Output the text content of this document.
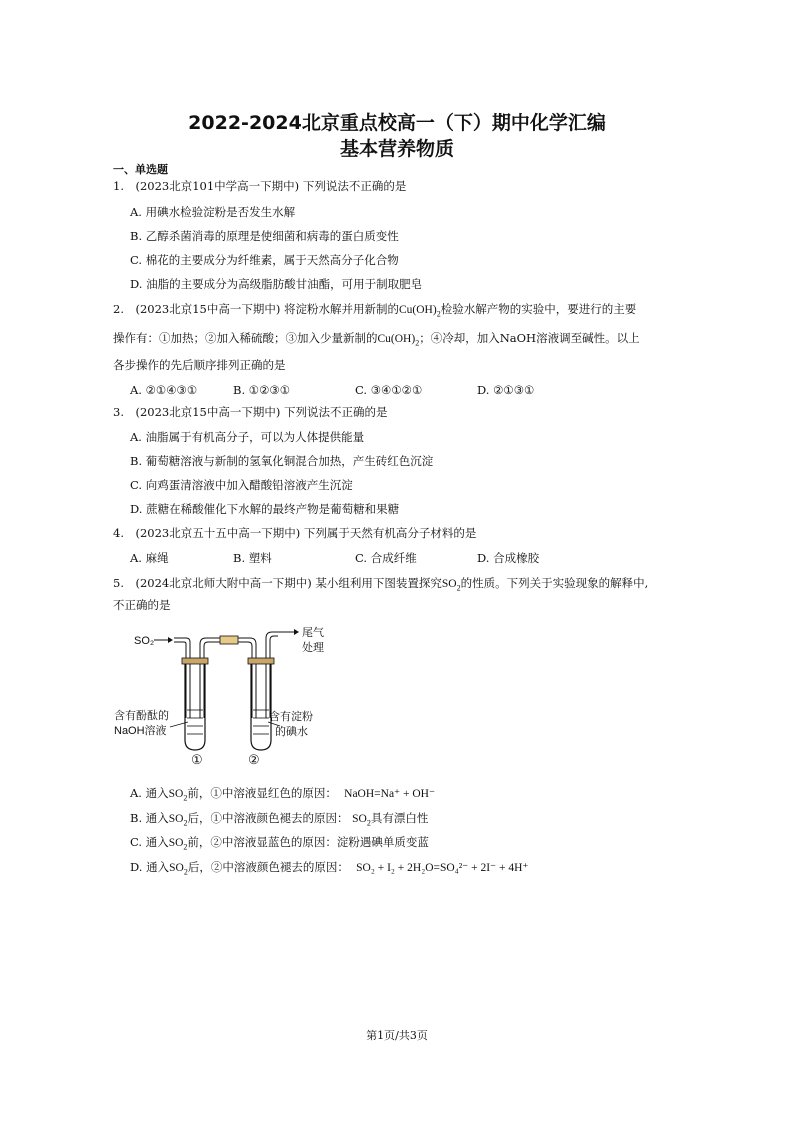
2022-2024北京重点校高一（下）期中化学汇编
基本营养物质
一、单选题
1.　(2023北京101中学高一下期中) 下列说法不正确的是
A. 用碘水检验淀粉是否发生水解
B. 乙醇杀菌消毒的原理是使细菌和病毒的蛋白质变性
C. 棉花的主要成分为纤维素，属于天然高分子化合物
D. 油脂的主要成分为高级脂肪酸甘油酯，可用于制取肥皂
2.　(2023北京15中高一下期中) 将淀粉水解并用新制的$Cu(OH)_2$检验水解产物的实验中，要进行的主要
操作有：①加热；②加入稀硫酸；③加入少量新制的$Cu(OH)_2$；④冷却，加入NaOH溶液调至碱性。以上
各步操作的先后顺序排列正确的是
A. ②①④③①	B. ①②③①	C. ③④①②①	D. ②①③①
3.　(2023北京15中高一下期中) 下列说法不正确的是
A. 油脂属于有机高分子，可以为人体提供能量
B. 葡萄糖溶液与新制的氢氧化铜混合加热，产生砖红色沉淀
C. 向鸡蛋清溶液中加入醋酸铅溶液产生沉淀
D. 蔗糖在稀酸催化下水解的最终产物是葡萄糖和果糖
4.　(2023北京五十五中高一下期中) 下列属于天然有机高分子材料的是
A. 麻绳	B. 塑料	C. 合成纤维	D. 合成橡胶
5.　(2024北京北师大附中高一下期中) 某小组利用下图装置探究$SO_2$的性质。下列关于实验现象的解释中,
不正确的是
SO₂
尾气
处理
含有酚酞的
NaOH溶液
含有淀粉
的碘水
①	②
A. 通入$SO_2$前，①中溶液显红色的原因： NaOH=Na⁺ + OH⁻
B. 通入$SO_2$后，①中溶液颜色褪去的原因： $SO_2$具有漂白性
C. 通入$SO_2$前，②中溶液显蓝色的原因：淀粉遇碘单质变蓝
D. 通入$SO_2$后，②中溶液颜色褪去的原因： SO₂ + I₂ + 2H₂O=SO₄²⁻ + 2I⁻ + 4H⁺
第1页/共3页
